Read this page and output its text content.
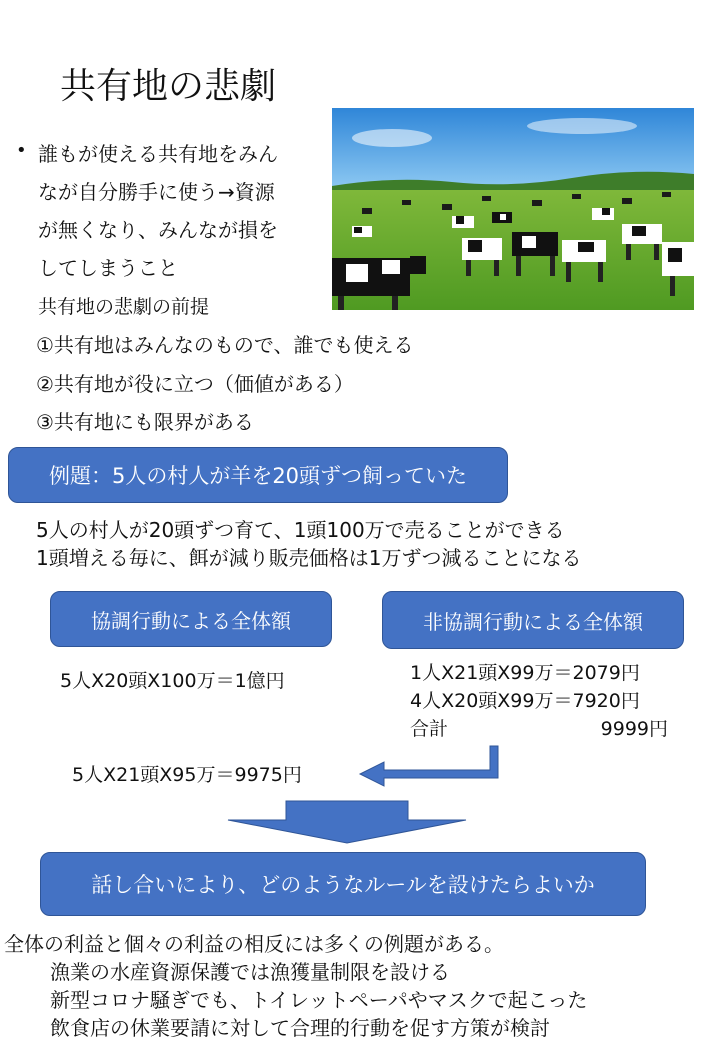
共有地の悲劇
• 誰もが使える共有地をみん
なが自分勝手に使う→資源
が無くなり、みんなが損を
してしまうこと
共有地の悲劇の前提
①共有地はみんなのもので、誰でも使える
②共有地が役に立つ（価値がある）
③共有地にも限界がある
例題：5人の村人が羊を20頭ずつ飼っていた
5人の村人が20頭ずつ育て、1頭100万で売ることができる
1頭増える毎に、餌が減り販売価格は1万ずつ減ることになる
協調行動による全体額	非協調行動による全体額
5人X20頭X100万＝1億円	1人X21頭X99万＝2079円
4人X20頭X99万＝7920円
合計	9999円
5人X21頭X95万＝9975円
話し合いにより、どのようなルールを設けたらよいか
全体の利益と個々の利益の相反には多くの例題がある。
漁業の水産資源保護では漁獲量制限を設ける
新型コロナ騒ぎでも、トイレットペーパやマスクで起こった
飲食店の休業要請に対して合理的行動を促す方策が検討
